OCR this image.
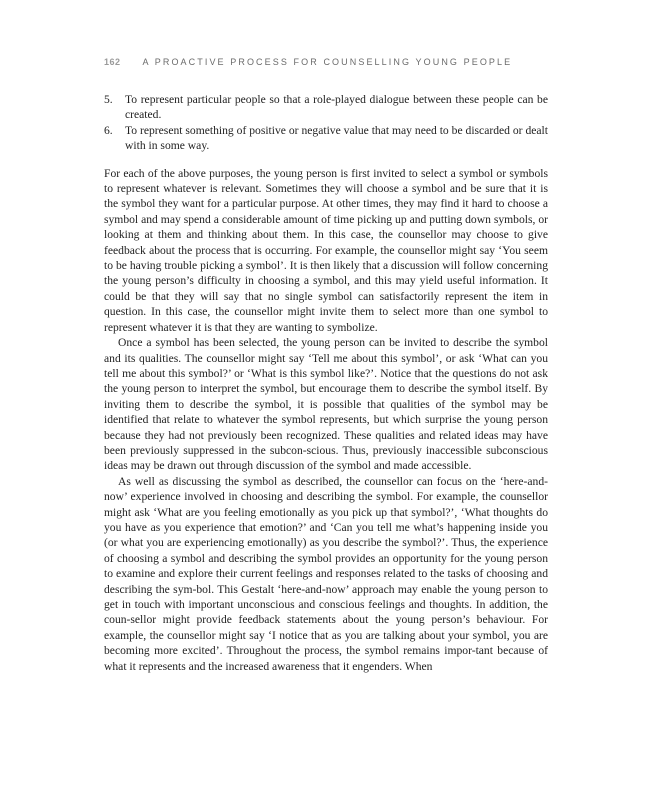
162 A PROACTIVE PROCESS FOR COUNSELLING YOUNG PEOPLE
5. To represent particular people so that a role-played dialogue between these people can be created.
6. To represent something of positive or negative value that may need to be discarded or dealt with in some way.

For each of the above purposes, the young person is first invited to select a symbol or symbols to represent whatever is relevant. Sometimes they will choose a symbol and be sure that it is the symbol they want for a particular purpose. At other times, they may find it hard to choose a symbol and may spend a considerable amount of time picking up and putting down symbols, or looking at them and thinking about them. In this case, the counsellor may choose to give feedback about the process that is occurring. For example, the counsellor might say ‘You seem to be having trouble picking a symbol’. It is then likely that a discussion will follow concerning the young person’s difficulty in choosing a symbol, and this may yield useful information. It could be that they will say that no single symbol can satisfactorily represent the item in question. In this case, the counsellor might invite them to select more than one symbol to represent whatever it is that they are wanting to symbolize.

Once a symbol has been selected, the young person can be invited to describe the symbol and its qualities. The counsellor might say ‘Tell me about this symbol’, or ask ‘What can you tell me about this symbol?’ or ‘What is this symbol like?’. Notice that the questions do not ask the young person to interpret the symbol, but encourage them to describe the symbol itself. By inviting them to describe the symbol, it is possible that qualities of the symbol may be identified that relate to whatever the symbol represents, but which surprise the young person because they had not previously been recognized. These qualities and related ideas may have been previously suppressed in the subcon-scious. Thus, previously inaccessible subconscious ideas may be drawn out through discussion of the symbol and made accessible.

As well as discussing the symbol as described, the counsellor can focus on the ‘here-and-now’ experience involved in choosing and describing the symbol. For example, the counsellor might ask ‘What are you feeling emotionally as you pick up that symbol?’, ‘What thoughts do you have as you experience that emotion?’ and ‘Can you tell me what’s happening inside you (or what you are experiencing emotionally) as you describe the symbol?’. Thus, the experience of choosing a symbol and describing the symbol provides an opportunity for the young person to examine and explore their current feelings and responses related to the tasks of choosing and describing the sym-bol. This Gestalt ‘here-and-now’ approach may enable the young person to get in touch with important unconscious and conscious feelings and thoughts. In addition, the coun-sellor might provide feedback statements about the young person’s behaviour. For example, the counsellor might say ‘I notice that as you are talking about your symbol, you are becoming more excited’. Throughout the process, the symbol remains impor-tant because of what it represents and the increased awareness that it engenders. When
